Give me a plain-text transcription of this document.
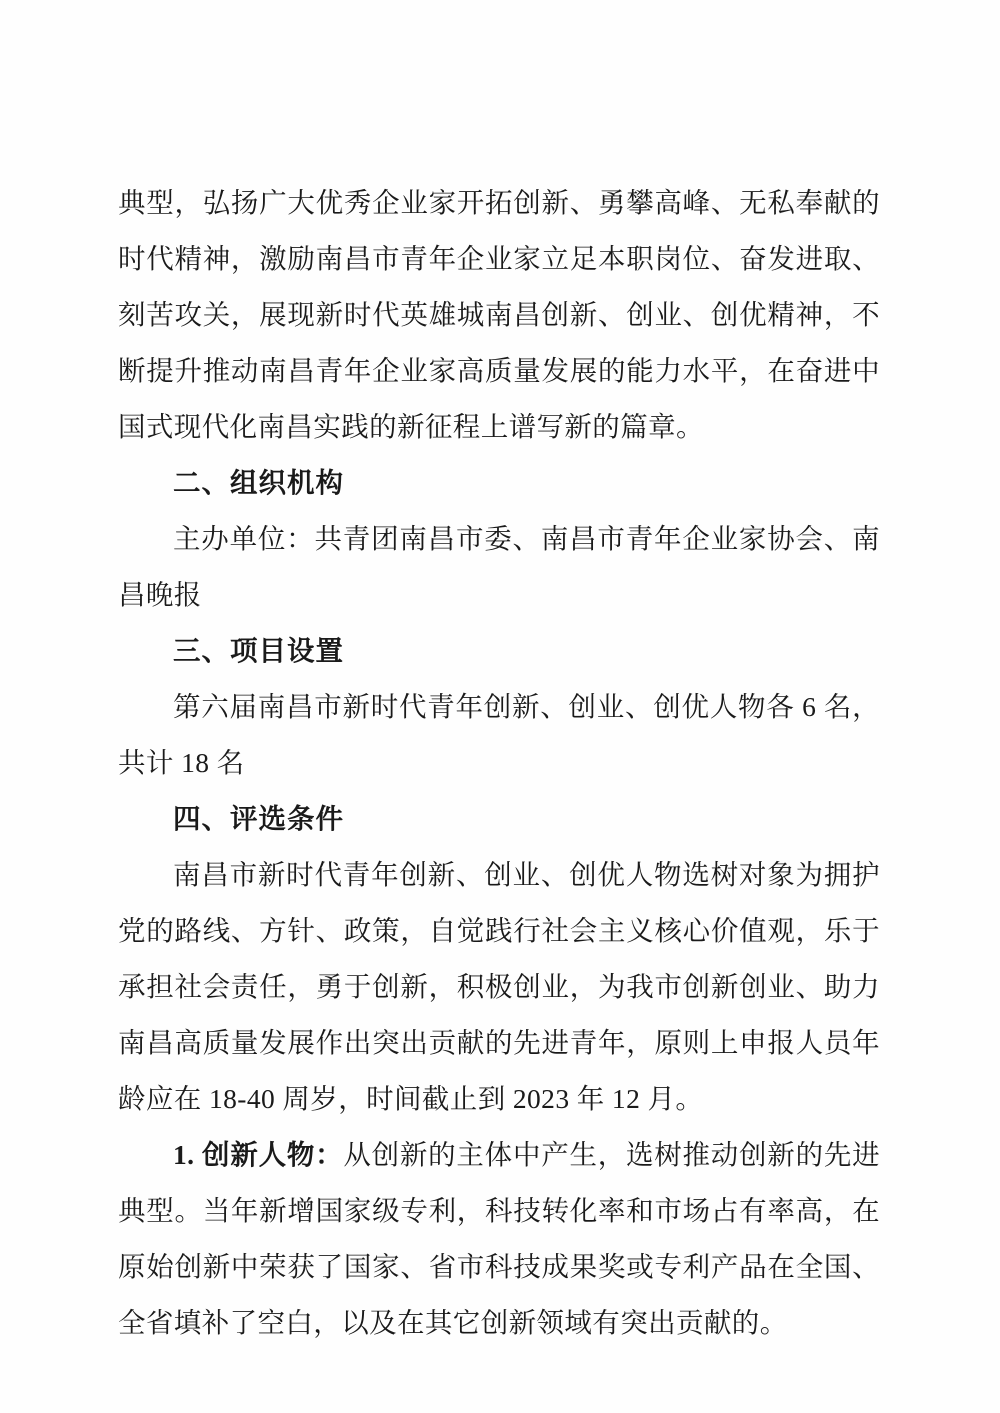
典型，弘扬广大优秀企业家开拓创新、勇攀高峰、无私奉献的时代精神，激励南昌市青年企业家立足本职岗位、奋发进取、刻苦攻关，展现新时代英雄城南昌创新、创业、创优精神，不断提升推动南昌青年企业家高质量发展的能力水平，在奋进中国式现代化南昌实践的新征程上谱写新的篇章。

二、组织机构

主办单位：共青团南昌市委、南昌市青年企业家协会、南昌晚报

三、项目设置

第六届南昌市新时代青年创新、创业、创优人物各 6 名，共计 18 名

四、评选条件

南昌市新时代青年创新、创业、创优人物选树对象为拥护党的路线、方针、政策，自觉践行社会主义核心价值观，乐于承担社会责任，勇于创新，积极创业，为我市创新创业、助力南昌高质量发展作出突出贡献的先进青年，原则上申报人员年龄应在 18-40 周岁，时间截止到 2023 年 12 月。

1. 创新人物：从创新的主体中产生，选树推动创新的先进典型。当年新增国家级专利，科技转化率和市场占有率高，在原始创新中荣获了国家、省市科技成果奖或专利产品在全国、全省填补了空白，以及在其它创新领域有突出贡献的。
